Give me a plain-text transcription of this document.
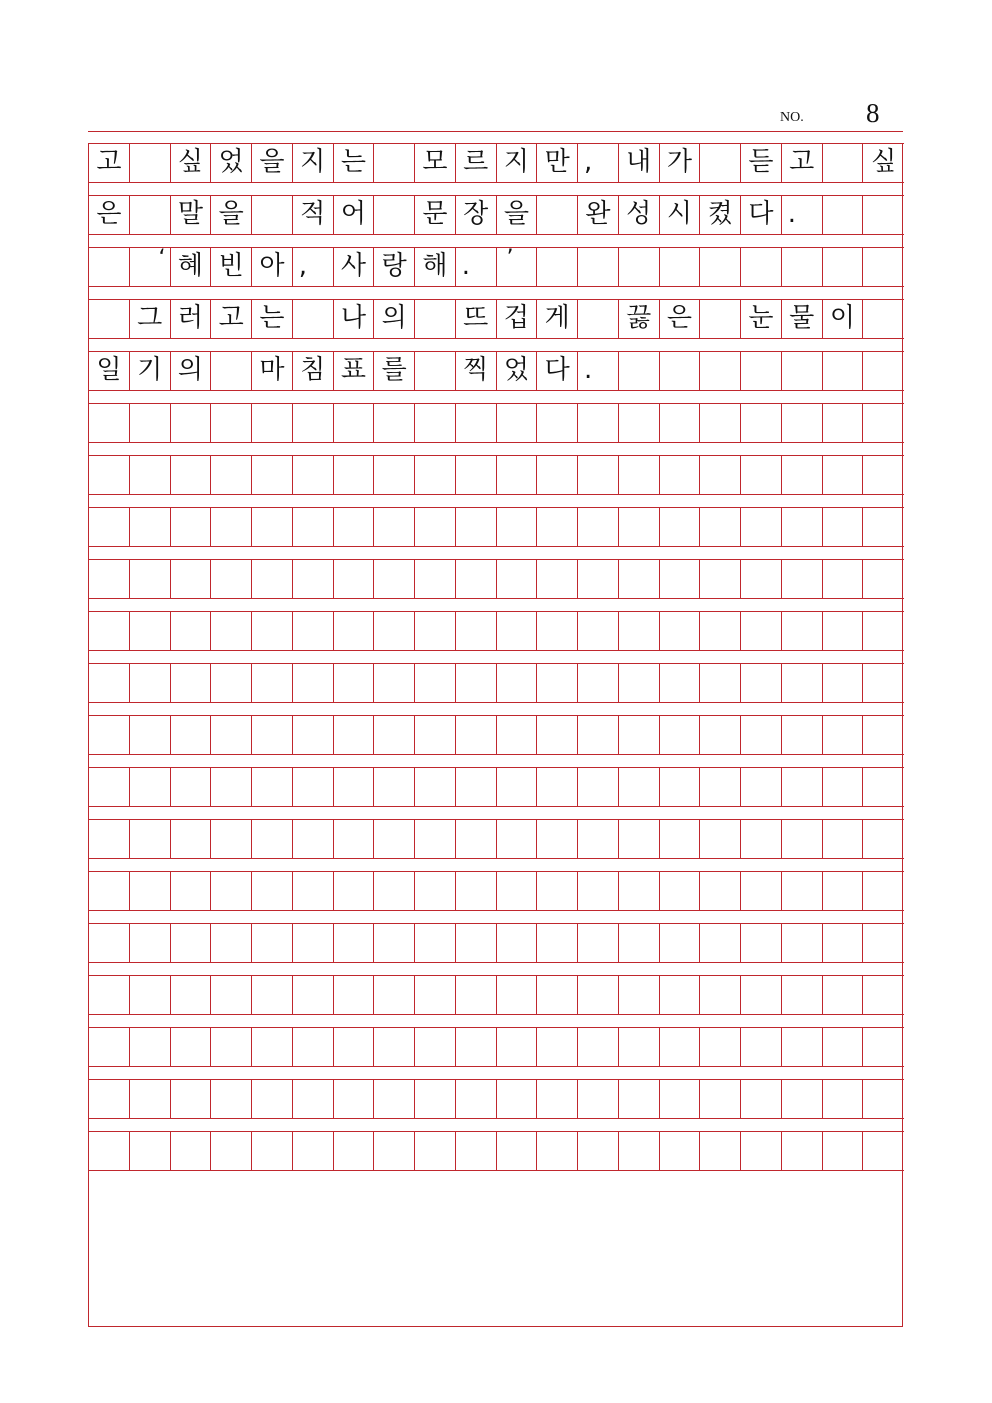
NO. 8
고	싶 었 을 지 는	모 르 지 만 ,	내 가	듣 고	싶
은	말 을	적 어	문 장 을	완 성 시 켰 다 .
‘ 혜 빈 아 ,	사 랑 해 .	’
그 러 고 는	나 의	뜨 겁 게	끓 은	눈 물 이
일 기 의	마 침 표 를	찍 었 다 .
